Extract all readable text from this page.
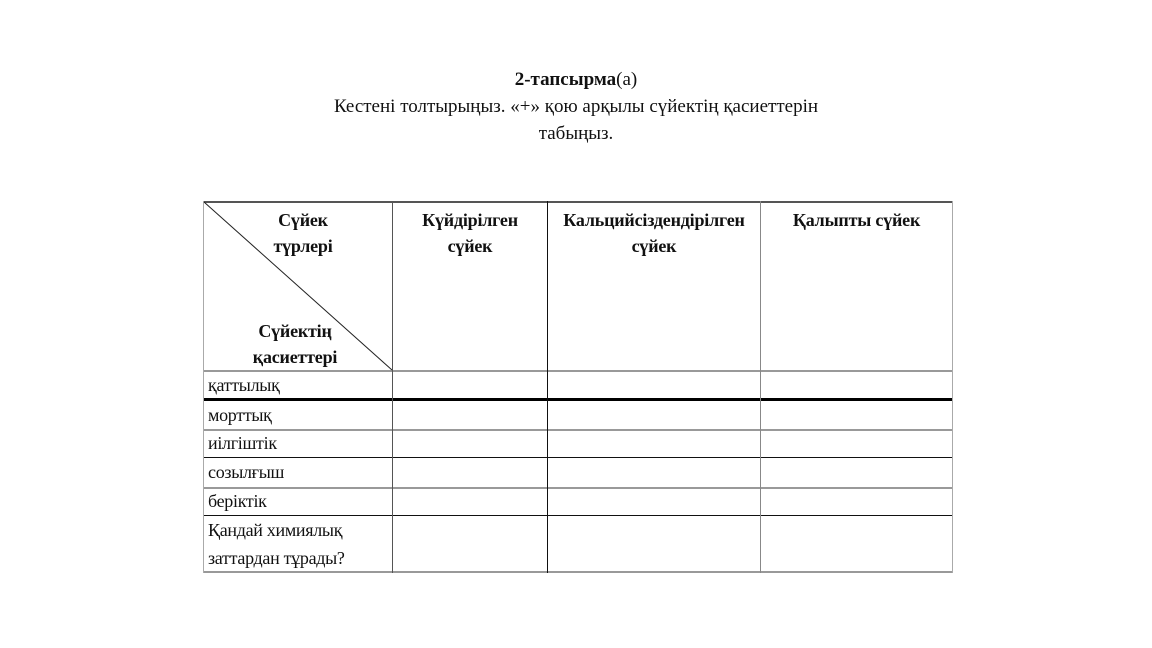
2-тапсырма(а)
Кестені толтырыңыз. «+» қою арқылы сүйектің қасиеттерін
табыңыз.
Сүйек
түрлері
Сүйектің
қасиеттері
Күйдірілген
сүйек
Кальцийсіздендірілген
сүйек
Қалыпты сүйек
қаттылық
морттық
иілгіштік
созылғыш
беріктік
Қандай химиялық
заттардан тұрады?
